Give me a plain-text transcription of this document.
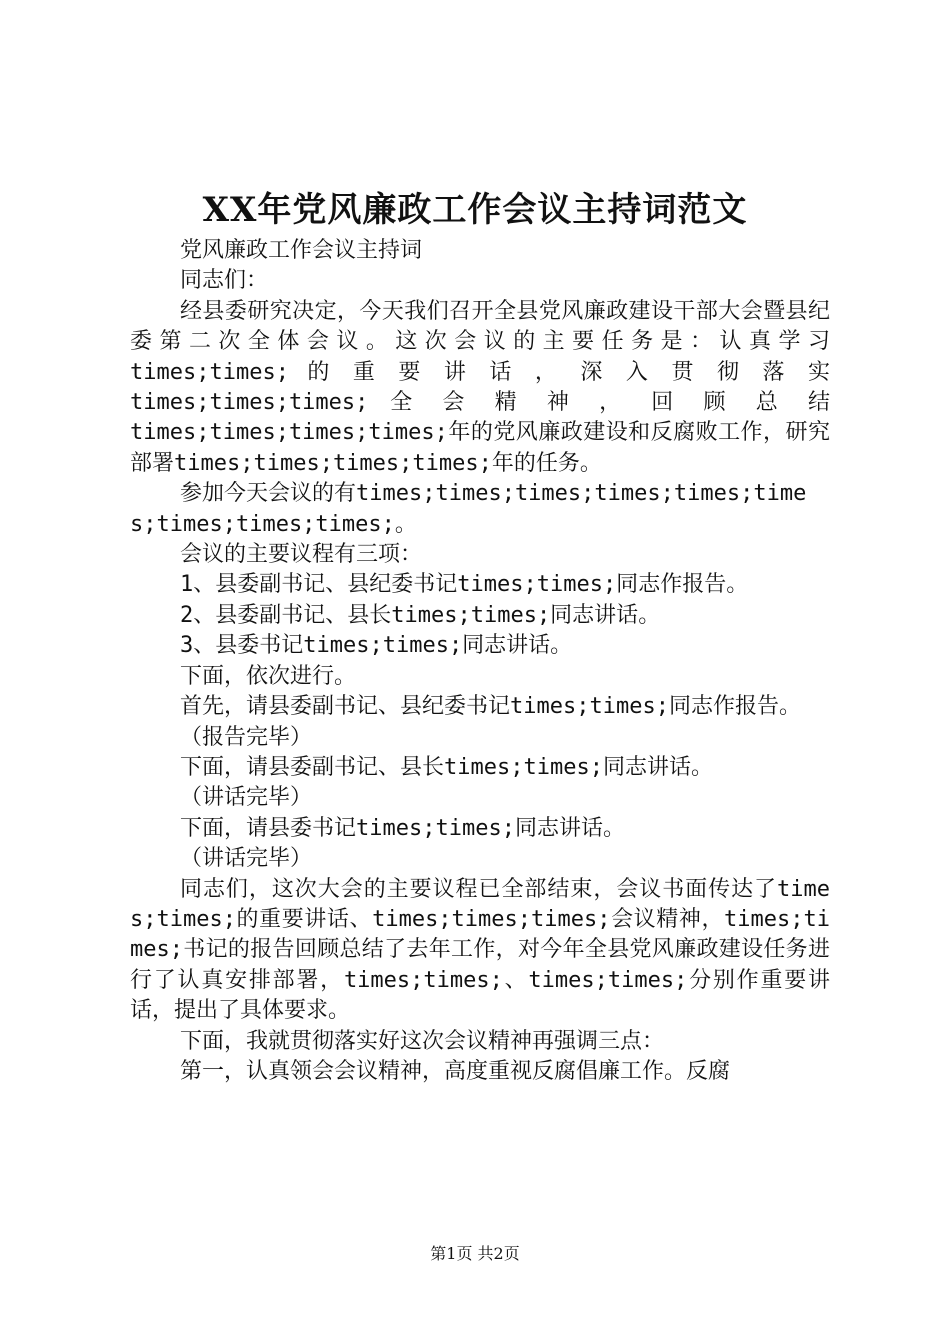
XX年党风廉政工作会议主持词范文

党风廉政工作会议主持词

同志们：

经县委研究决定，今天我们召开全县党风廉政建设干部大会暨县纪委第二次全体会议。这次会议的主要任务是：认真学习 times;times; 的 重 要 讲 话 ， 深 入 贯 彻 落 实 times;times;times; 全 会 精 神 ， 回 顾 总 结 times;times;times;times;年的党风廉政建设和反腐败工作，研究部署times;times;times;times;年的任务。

参加今天会议的有times;times;times;times;times;times;times;times;times;。

会议的主要议程有三项：

1、县委副书记、县纪委书记times;times;同志作报告。

2、县委副书记、县长times;times;同志讲话。

3、县委书记times;times;同志讲话。

下面，依次进行。

首先，请县委副书记、县纪委书记times;times;同志作报告。

（报告完毕）

下面，请县委副书记、县长times;times;同志讲话。

（讲话完毕）

下面，请县委书记times;times;同志讲话。

（讲话完毕）

同志们，这次大会的主要议程已全部结束，会议书面传达了times;times;的重要讲话、times;times;times;会议精神，times;times;书记的报告回顾总结了去年工作，对今年全县党风廉政建设任务进行了认真安排部署，times;times;、times;times;分别作重要讲话，提出了具体要求。

下面，我就贯彻落实好这次会议精神再强调三点：

第一，认真领会会议精神，高度重视反腐倡廉工作。反腐

第1页 共2页
